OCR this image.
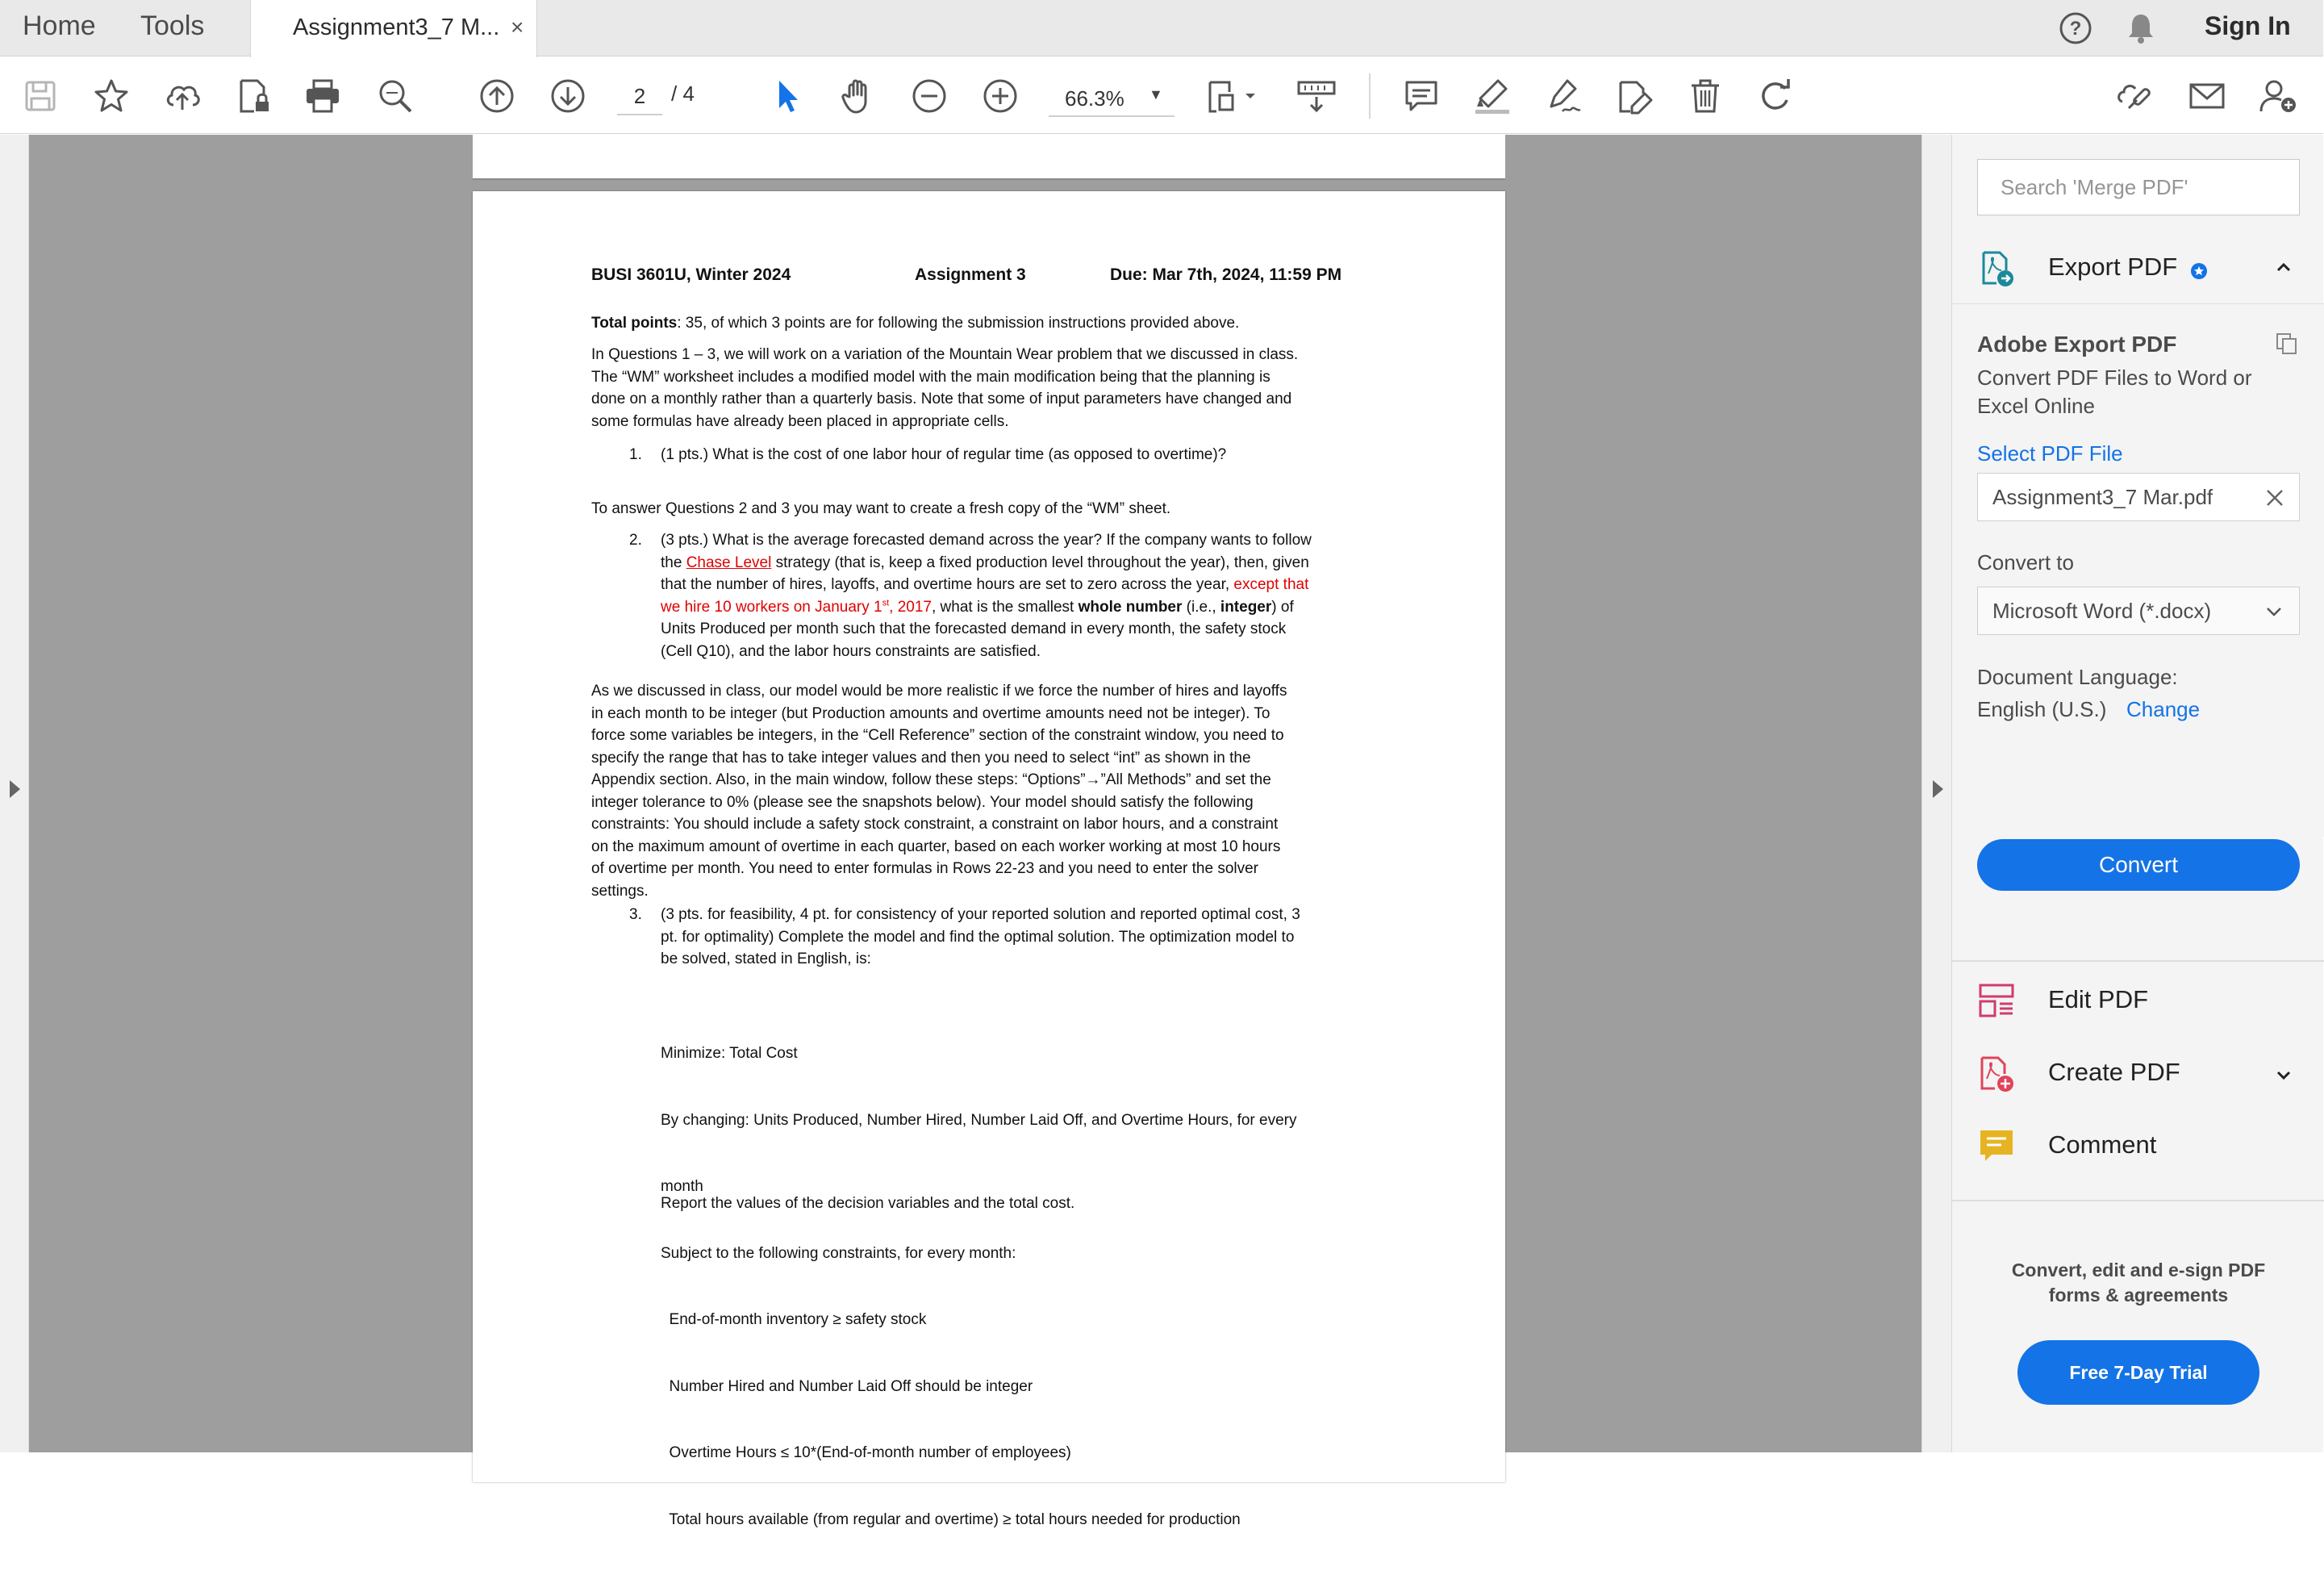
Home Tools	Assignment3_7 M... ×	?	Sign In
2
/ 4	66.3% ▼
BUSI 3601U, Winter 2024	Assignment 3	Due: Mar 7th, 2024, 11:59 PM
Total points: 35, of which 3 points are for following the submission instructions provided above.
In Questions 1 – 3, we will work on a variation of the Mountain Wear problem that we discussed in class.
The “WM” worksheet includes a modified model with the main modification being that the planning is
done on a monthly rather than a quarterly basis. Note that some of input parameters have changed and
some formulas have already been placed in appropriate cells.
1. (1 pts.) What is the cost of one labor hour of regular time (as opposed to overtime)?
To answer Questions 2 and 3 you may want to create a fresh copy of the “WM” sheet.
2. (3 pts.) What is the average forecasted demand across the year? If the company wants to follow
the Chase Level strategy (that is, keep a fixed production level throughout the year), then, given
that the number of hires, layoffs, and overtime hours are set to zero across the year, except that
we hire 10 workers on January 1st, 2017, what is the smallest whole number (i.e., integer) of
Units Produced per month such that the forecasted demand in every month, the safety stock
(Cell Q10), and the labor hours constraints are satisfied.
As we discussed in class, our model would be more realistic if we force the number of hires and layoffs
in each month to be integer (but Production amounts and overtime amounts need not be integer). To
force some variables be integers, in the “Cell Reference” section of the constraint window, you need to
specify the range that has to take integer values and then you need to select “int” as shown in the
Appendix section. Also, in the main window, follow these steps: “Options”→”All Methods” and set the
integer tolerance to 0% (please see the snapshots below). Your model should satisfy the following
constraints: You should include a safety stock constraint, a constraint on labor hours, and a constraint
on the maximum amount of overtime in each quarter, based on each worker working at most 10 hours
of overtime per month. You need to enter formulas in Rows 22-23 and you need to enter the solver
settings.
3. (3 pts. for feasibility, 4 pt. for consistency of your reported solution and reported optimal cost, 3
pt. for optimality) Complete the model and find the optimal solution. The optimization model to
be solved, stated in English, is:

Minimize: Total Cost

By changing: Units Produced, Number Hired, Number Laid Off, and Overtime Hours, for every

month

Subject to the following constraints, for every month:

End-of-month inventory ≥ safety stock

Number Hired and Number Laid Off should be integer

Overtime Hours ≤ 10*(End-of-month number of employees)

Total hours available (from regular and overtime) ≥ total hours needed for production

Report the values of the decision variables and the total cost.
Search 'Merge PDF'
Export PDF
Adobe Export PDF
Convert PDF Files to Word or
Excel Online
Select PDF File
Assignment3_7 Mar.pdf
Convert to
Microsoft Word (*.docx)
Document Language:
English (U.S.) Change
Convert
Edit PDF
Create PDF
Comment
Convert, edit and e-sign PDF
forms & agreements
Free 7-Day Trial
